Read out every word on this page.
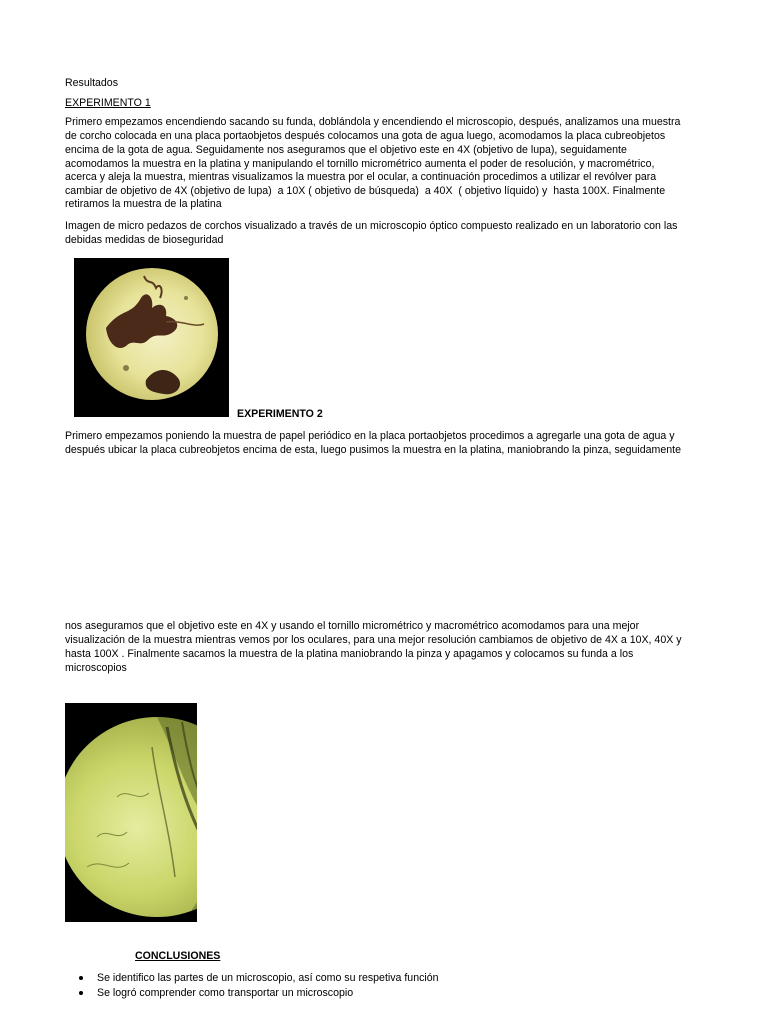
Resultados
EXPERIMENTO 1
Primero empezamos encendiendo sacando su funda, doblándola y encendiendo el microscopio, después, analizamos una muestra
de corcho colocada en una placa portaobjetos después colocamos una gota de agua luego, acomodamos la placa cubreobjetos
encima de la gota de agua. Seguidamente nos aseguramos que el objetivo este en 4X (objetivo de lupa), seguidamente
acomodamos la muestra en la platina y manipulando el tornillo micrométrico aumenta el poder de resolución, y macrométrico,
acerca y aleja la muestra, mientras visualizamos la muestra por el ocular, a continuación procedimos a utilizar el revólver para
cambiar de objetivo de 4X (objetivo de lupa)  a 10X ( objetivo de búsqueda)  a 40X  ( objetivo líquido) y  hasta 100X. Finalmente
retiramos la muestra de la platina
Imagen de micro pedazos de corchos visualizado a través de un microscopio óptico compuesto realizado en un laboratorio con las
debidas medidas de bioseguridad
EXPERIMENTO 2
Primero empezamos poniendo la muestra de papel periódico en la placa portaobjetos procedimos a agregarle una gota de agua y
después ubicar la placa cubreobjetos encima de esta, luego pusimos la muestra en la platina, maniobrando la pinza, seguidamente
nos aseguramos que el objetivo este en 4X y usando el tornillo micrométrico y macrométrico acomodamos para una mejor
visualización de la muestra mientras vemos por los oculares, para una mejor resolución cambiamos de objetivo de 4X a 10X, 40X y
hasta 100X . Finalmente sacamos la muestra de la platina maniobrando la pinza y apagamos y colocamos su funda a los
microscopios
CONCLUSIONES
Se identifico las partes de un microscopio, así como su respetiva función
Se logró comprender como transportar un microscopio
